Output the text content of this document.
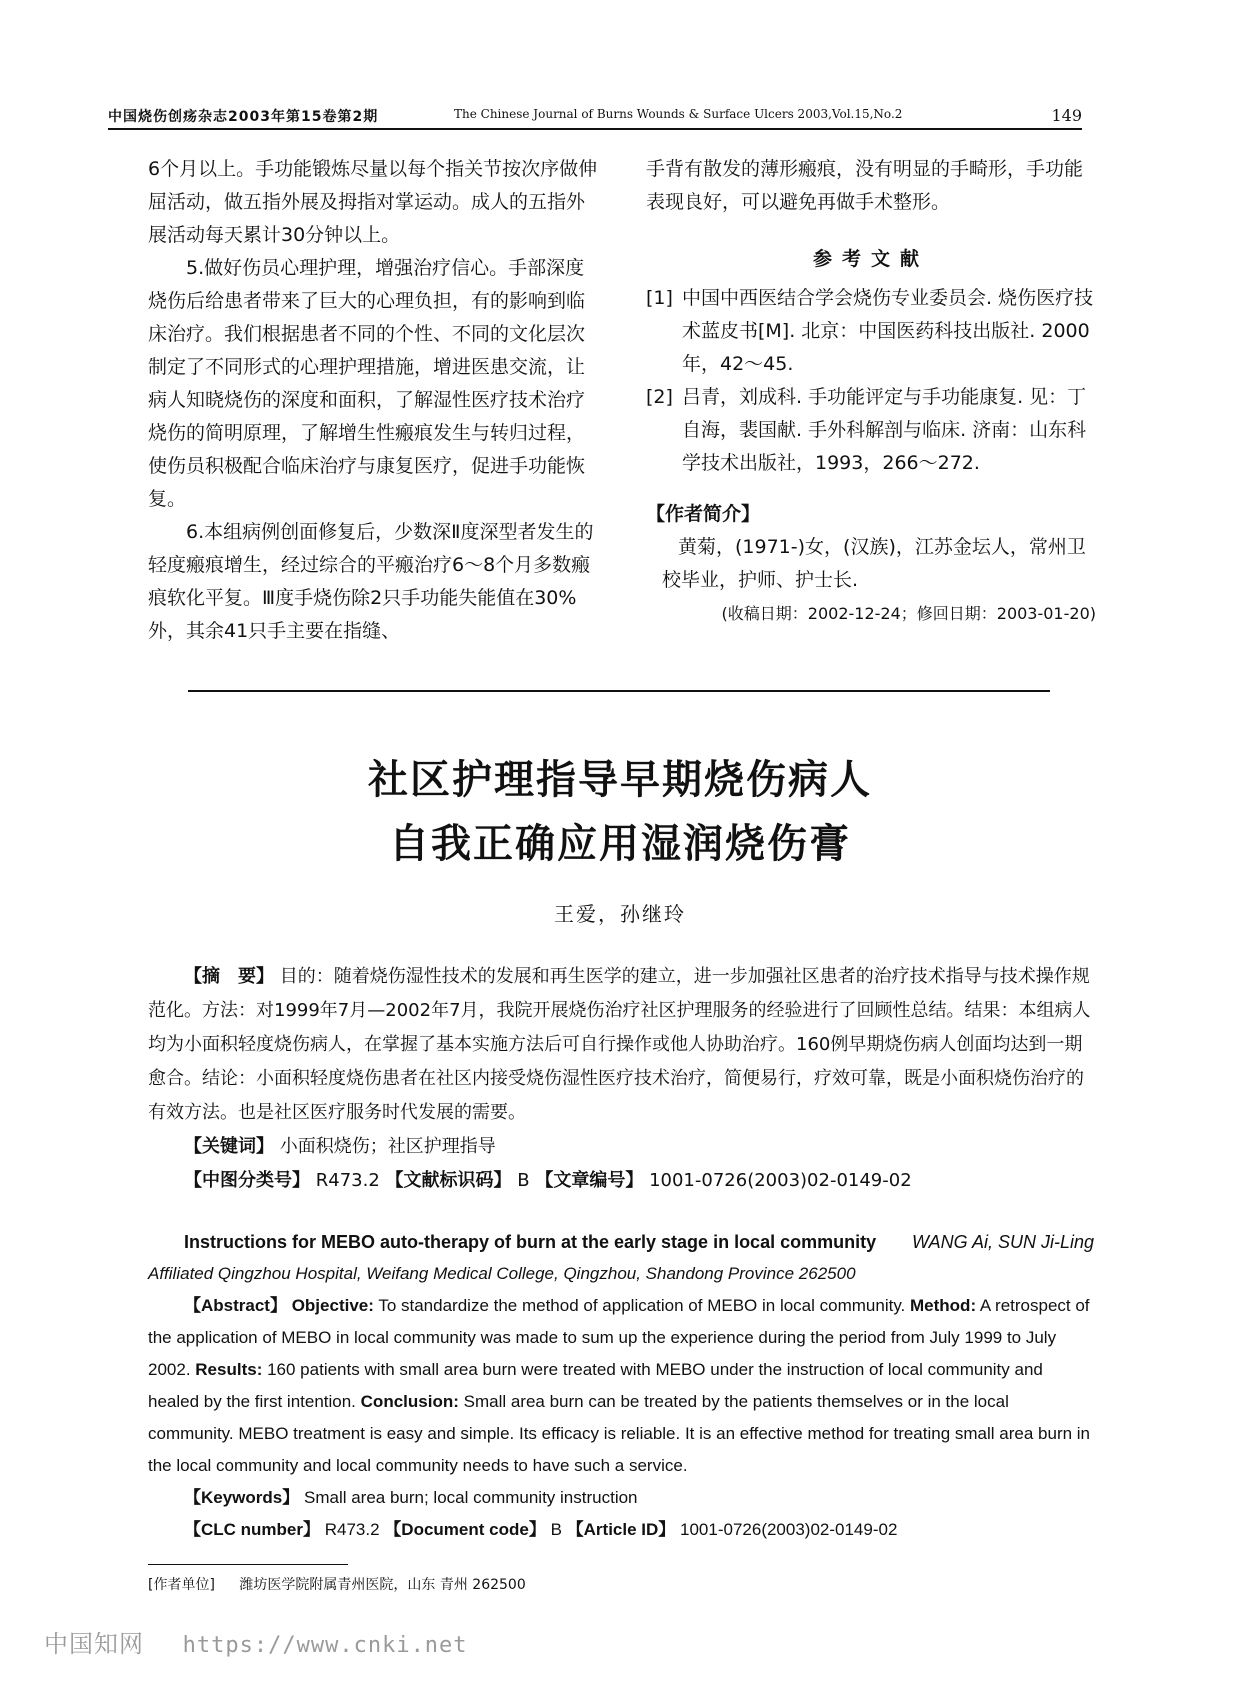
中国烧伤创疡杂志2003年第15卷第2期	The Chinese Journal of Burns Wounds & Surface Ulcers 2003,Vol.15,No.2	149

6个月以上。手功能锻炼尽量以每个指关节按次序做伸屈活动，做五指外展及拇指对掌运动。成人的五指外展活动每天累计30分钟以上。

5.做好伤员心理护理，增强治疗信心。手部深度烧伤后给患者带来了巨大的心理负担，有的影响到临床治疗。我们根据患者不同的个性、不同的文化层次制定了不同形式的心理护理措施，增进医患交流，让病人知晓烧伤的深度和面积，了解湿性医疗技术治疗烧伤的简明原理，了解增生性瘢痕发生与转归过程，使伤员积极配合临床治疗与康复医疗，促进手功能恢复。

6.本组病例创面修复后，少数深Ⅱ度深型者发生的轻度瘢痕增生，经过综合的平瘢治疗6～8个月多数瘢痕软化平复。Ⅲ度手烧伤除2只手功能失能值在30%外，其余41只手主要在指缝、

手背有散发的薄形瘢痕，没有明显的手畸形，手功能表现良好，可以避免再做手术整形。

参考文献

[1] 中国中西医结合学会烧伤专业委员会. 烧伤医疗技术蓝皮书[M]. 北京：中国医药科技出版社. 2000年，42～45.
[2] 吕青，刘成科. 手功能评定与手功能康复. 见：丁自海，裴国献. 手外科解剖与临床. 济南：山东科学技术出版社，1993，266～272.

【作者简介】

黄菊，(1971-)女，(汉族)，江苏金坛人，常州卫校毕业，护师、护士长.

(收稿日期：2002-12-24；修回日期：2003-01-20)

社区护理指导早期烧伤病人
自我正确应用湿润烧伤膏
王爱，孙继玲

【摘　要】 目的：随着烧伤湿性技术的发展和再生医学的建立，进一步加强社区患者的治疗技术指导与技术操作规范化。方法：对1999年7月—2002年7月，我院开展烧伤治疗社区护理服务的经验进行了回顾性总结。结果：本组病人均为小面积轻度烧伤病人，在掌握了基本实施方法后可自行操作或他人协助治疗。160例早期烧伤病人创面均达到一期愈合。结论：小面积轻度烧伤患者在社区内接受烧伤湿性医疗技术治疗，简便易行，疗效可靠，既是小面积烧伤治疗的有效方法。也是社区医疗服务时代发展的需要。

【关键词】 小面积烧伤；社区护理指导

【中图分类号】 R473.2 【文献标识码】 B 【文章编号】 1001-0726(2003)02-0149-02

Instructions for MEBO auto-therapy of burn at the early stage in local community WANG Ai, SUN Ji-Ling

Affiliated Qingzhou Hospital, Weifang Medical College, Qingzhou, Shandong Province 262500

【Abstract】 Objective: To standardize the method of application of MEBO in local community. Method: A retrospect of the application of MEBO in local community was made to sum up the experience during the period from July 1999 to July 2002. Results: 160 patients with small area burn were treated with MEBO under the instruction of local community and healed by the first intention. Conclusion: Small area burn can be treated by the patients themselves or in the local community. MEBO treatment is easy and simple. Its efficacy is reliable. It is an effective method for treating small area burn in the local community and local community needs to have such a service.

【Keywords】 Small area burn; local community instruction

【CLC number】 R473.2 【Document code】 B 【Article ID】 1001-0726(2003)02-0149-02

[作者单位] 潍坊医学院附属青州医院，山东 青州 262500
中国知网 https://www.cnki.net
